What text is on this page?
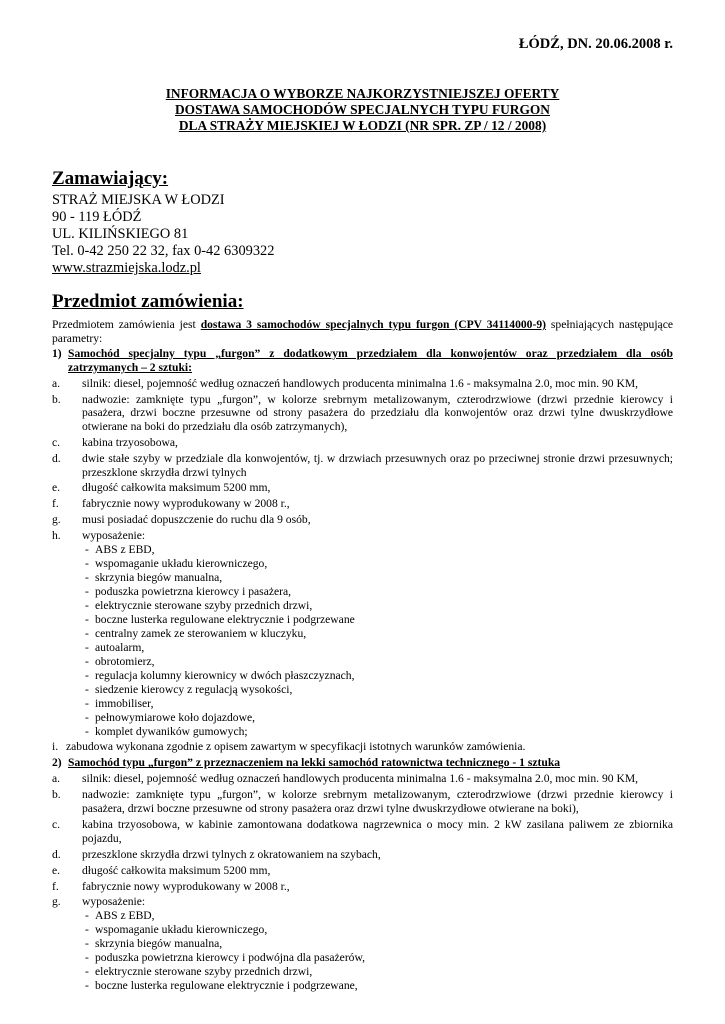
ŁÓDŹ, DN. 20.06.2008 r.
INFORMACJA O WYBORZE NAJKORZYSTNIEJSZEJ OFERTY
DOSTAWA SAMOCHODÓW SPECJALNYCH TYPU FURGON
DLA STRAŻY MIEJSKIEJ W ŁODZI (NR SPR. ZP / 12 / 2008)
Zamawiający:
STRAŻ MIEJSKA W ŁODZI
90 - 119 ŁÓDŹ
UL. KILIŃSKIEGO 81
Tel. 0-42 250 22 32, fax 0-42 6309322
www.strazmiejska.lodz.pl
Przedmiot zamówienia:
Przedmiotem zamówienia jest dostawa 3 samochodów specjalnych typu furgon (CPV 34114000-9) spełniających następujące parametry:
1) Samochód specjalny typu „furgon” z dodatkowym przedziałem dla konwojentów oraz przedziałem dla osób zatrzymanych – 2 sztuki:
a.	silnik: diesel, pojemność według oznaczeń handlowych producenta minimalna 1.6 - maksymalna 2.0, moc min. 90 KM,
b.	nadwozie: zamknięte typu „furgon”, w kolorze srebrnym metalizowanym, czterodrzwiowe (drzwi przednie kierowcy i pasażera, drzwi boczne przesuwne od strony pasażera do przedziału dla konwojentów oraz drzwi tylne dwuskrzydłowe otwierane na boki do przedziału dla osób zatrzymanych),
c.	kabina trzyosobowa,
d.	dwie stałe szyby w przedziale dla konwojentów, tj. w drzwiach przesuwnych oraz po przeciwnej stronie drzwi przesuwnych; przeszklone skrzydła drzwi tylnych
e.	długość całkowita maksimum 5200 mm,
f.	fabrycznie nowy wyprodukowany w 2008 r.,
g.	musi posiadać dopuszczenie do ruchu dla 9 osób,
h.	wyposażenie:
- ABS z EBD,
- wspomaganie układu kierowniczego,
- skrzynia biegów manualna,
- poduszka powietrzna kierowcy i pasażera,
- elektrycznie sterowane szyby przednich drzwi,
- boczne lusterka regulowane elektrycznie i podgrzewane
- centralny zamek ze sterowaniem w kluczyku,
- autoalarm,
- obrotomierz,
- regulacja kolumny kierownicy w dwóch płaszczyznach,
- siedzenie kierowcy z regulacją wysokości,
- immobiliser,
- pełnowymiarowe koło dojazdowe,
- komplet dywaników gumowych;
i. zabudowa wykonana zgodnie z opisem zawartym w specyfikacji istotnych warunków zamówienia.
2) Samochód typu „furgon” z przeznaczeniem na lekki samochód ratownictwa technicznego - 1 sztuka
a.	silnik: diesel, pojemność według oznaczeń handlowych producenta minimalna 1.6 - maksymalna 2.0, moc min. 90 KM,
b.	nadwozie: zamknięte typu „furgon”, w kolorze srebrnym metalizowanym, czterodrzwiowe (drzwi przednie kierowcy i pasażera, drzwi boczne przesuwne od strony pasażera oraz drzwi tylne dwuskrzydłowe otwierane na boki),
c.	kabina trzyosobowa, w kabinie zamontowana dodatkowa nagrzewnica o mocy min. 2 kW zasilana paliwem ze zbiornika pojazdu,
d.	przeszklone skrzydła drzwi tylnych z okratowaniem na szybach,
e.	długość całkowita maksimum 5200 mm,
f.	fabrycznie nowy wyprodukowany w 2008 r.,
g.	wyposażenie:
- ABS z EBD,
- wspomaganie układu kierowniczego,
- skrzynia biegów manualna,
- poduszka powietrzna kierowcy i podwójna dla pasażerów,
- elektrycznie sterowane szyby przednich drzwi,
- boczne lusterka regulowane elektrycznie i podgrzewane,
